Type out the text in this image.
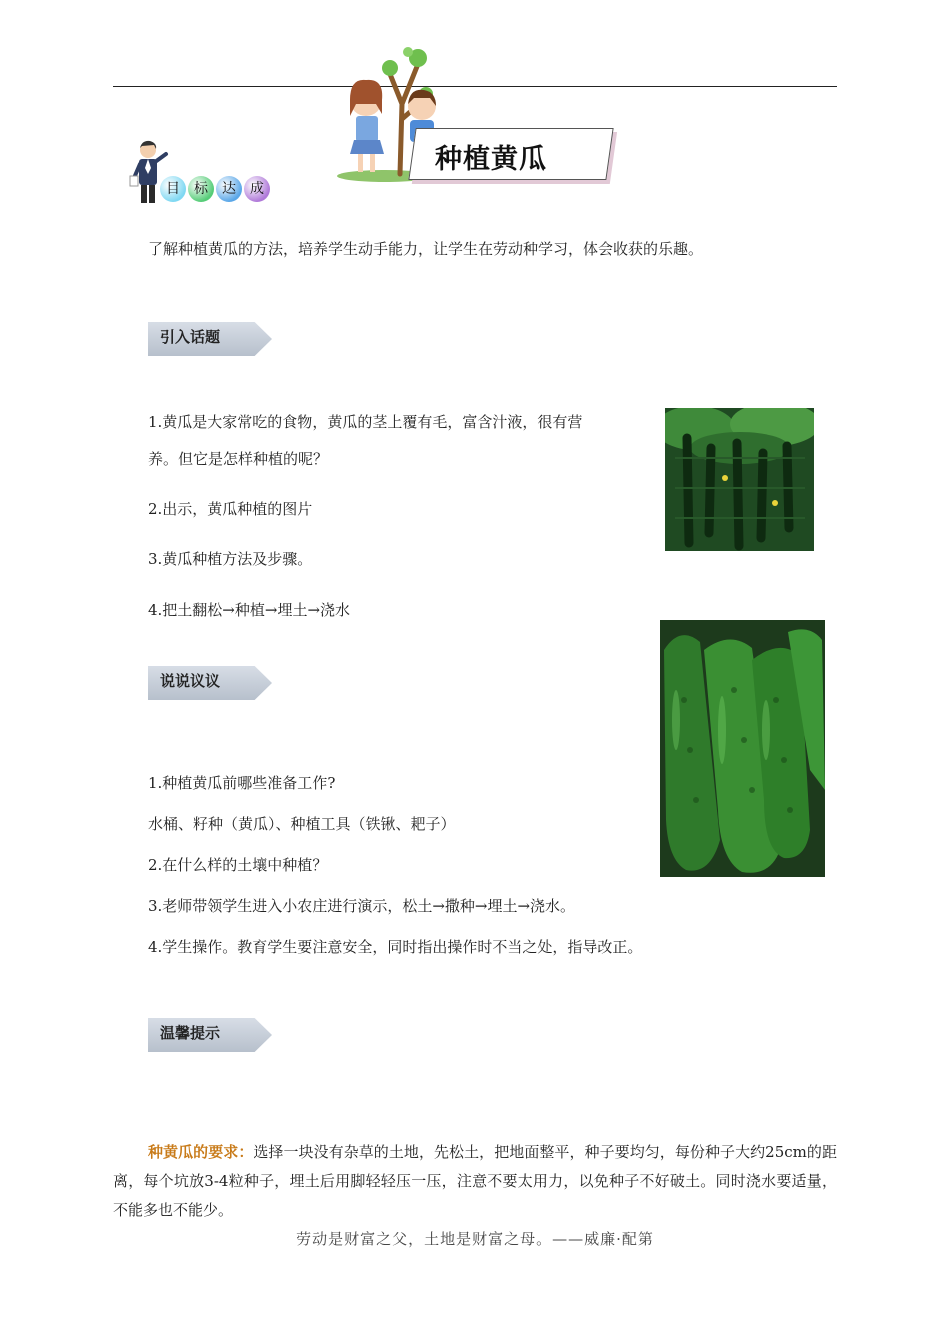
种植黄瓜
目	标	达	成
了解种植黄瓜的方法，培养学生动手能力，让学生在劳动种学习，体会收获的乐趣。
引入话题
1.黄瓜是大家常吃的食物，黄瓜的茎上覆有毛，富含汁液，很有营
养。但它是怎样种植的呢？
2.出示，黄瓜种植的图片
3.黄瓜种植方法及步骤。
4.把土翻松→种植→埋土→浇水
说说议议
1.种植黄瓜前哪些准备工作?
水桶、籽种（黄瓜）、种植工具（铁锹、耙子）
2.在什么样的土壤中种植？
3.老师带领学生进入小农庄进行演示，松土→撒种→埋土→浇水。
4.学生操作。教育学生要注意安全，同时指出操作时不当之处，指导改正。
温馨提示
种黄瓜的要求：选择一块没有杂草的土地，先松土，把地面整平，种子要均匀，每份种子大约25cm的距离，每个坑放3-4粒种子，埋土后用脚轻轻压一压，注意不要太用力，以免种子不好破土。同时浇水要适量，不能多也不能少。
劳动是财富之父，土地是财富之母。——威廉·配第
